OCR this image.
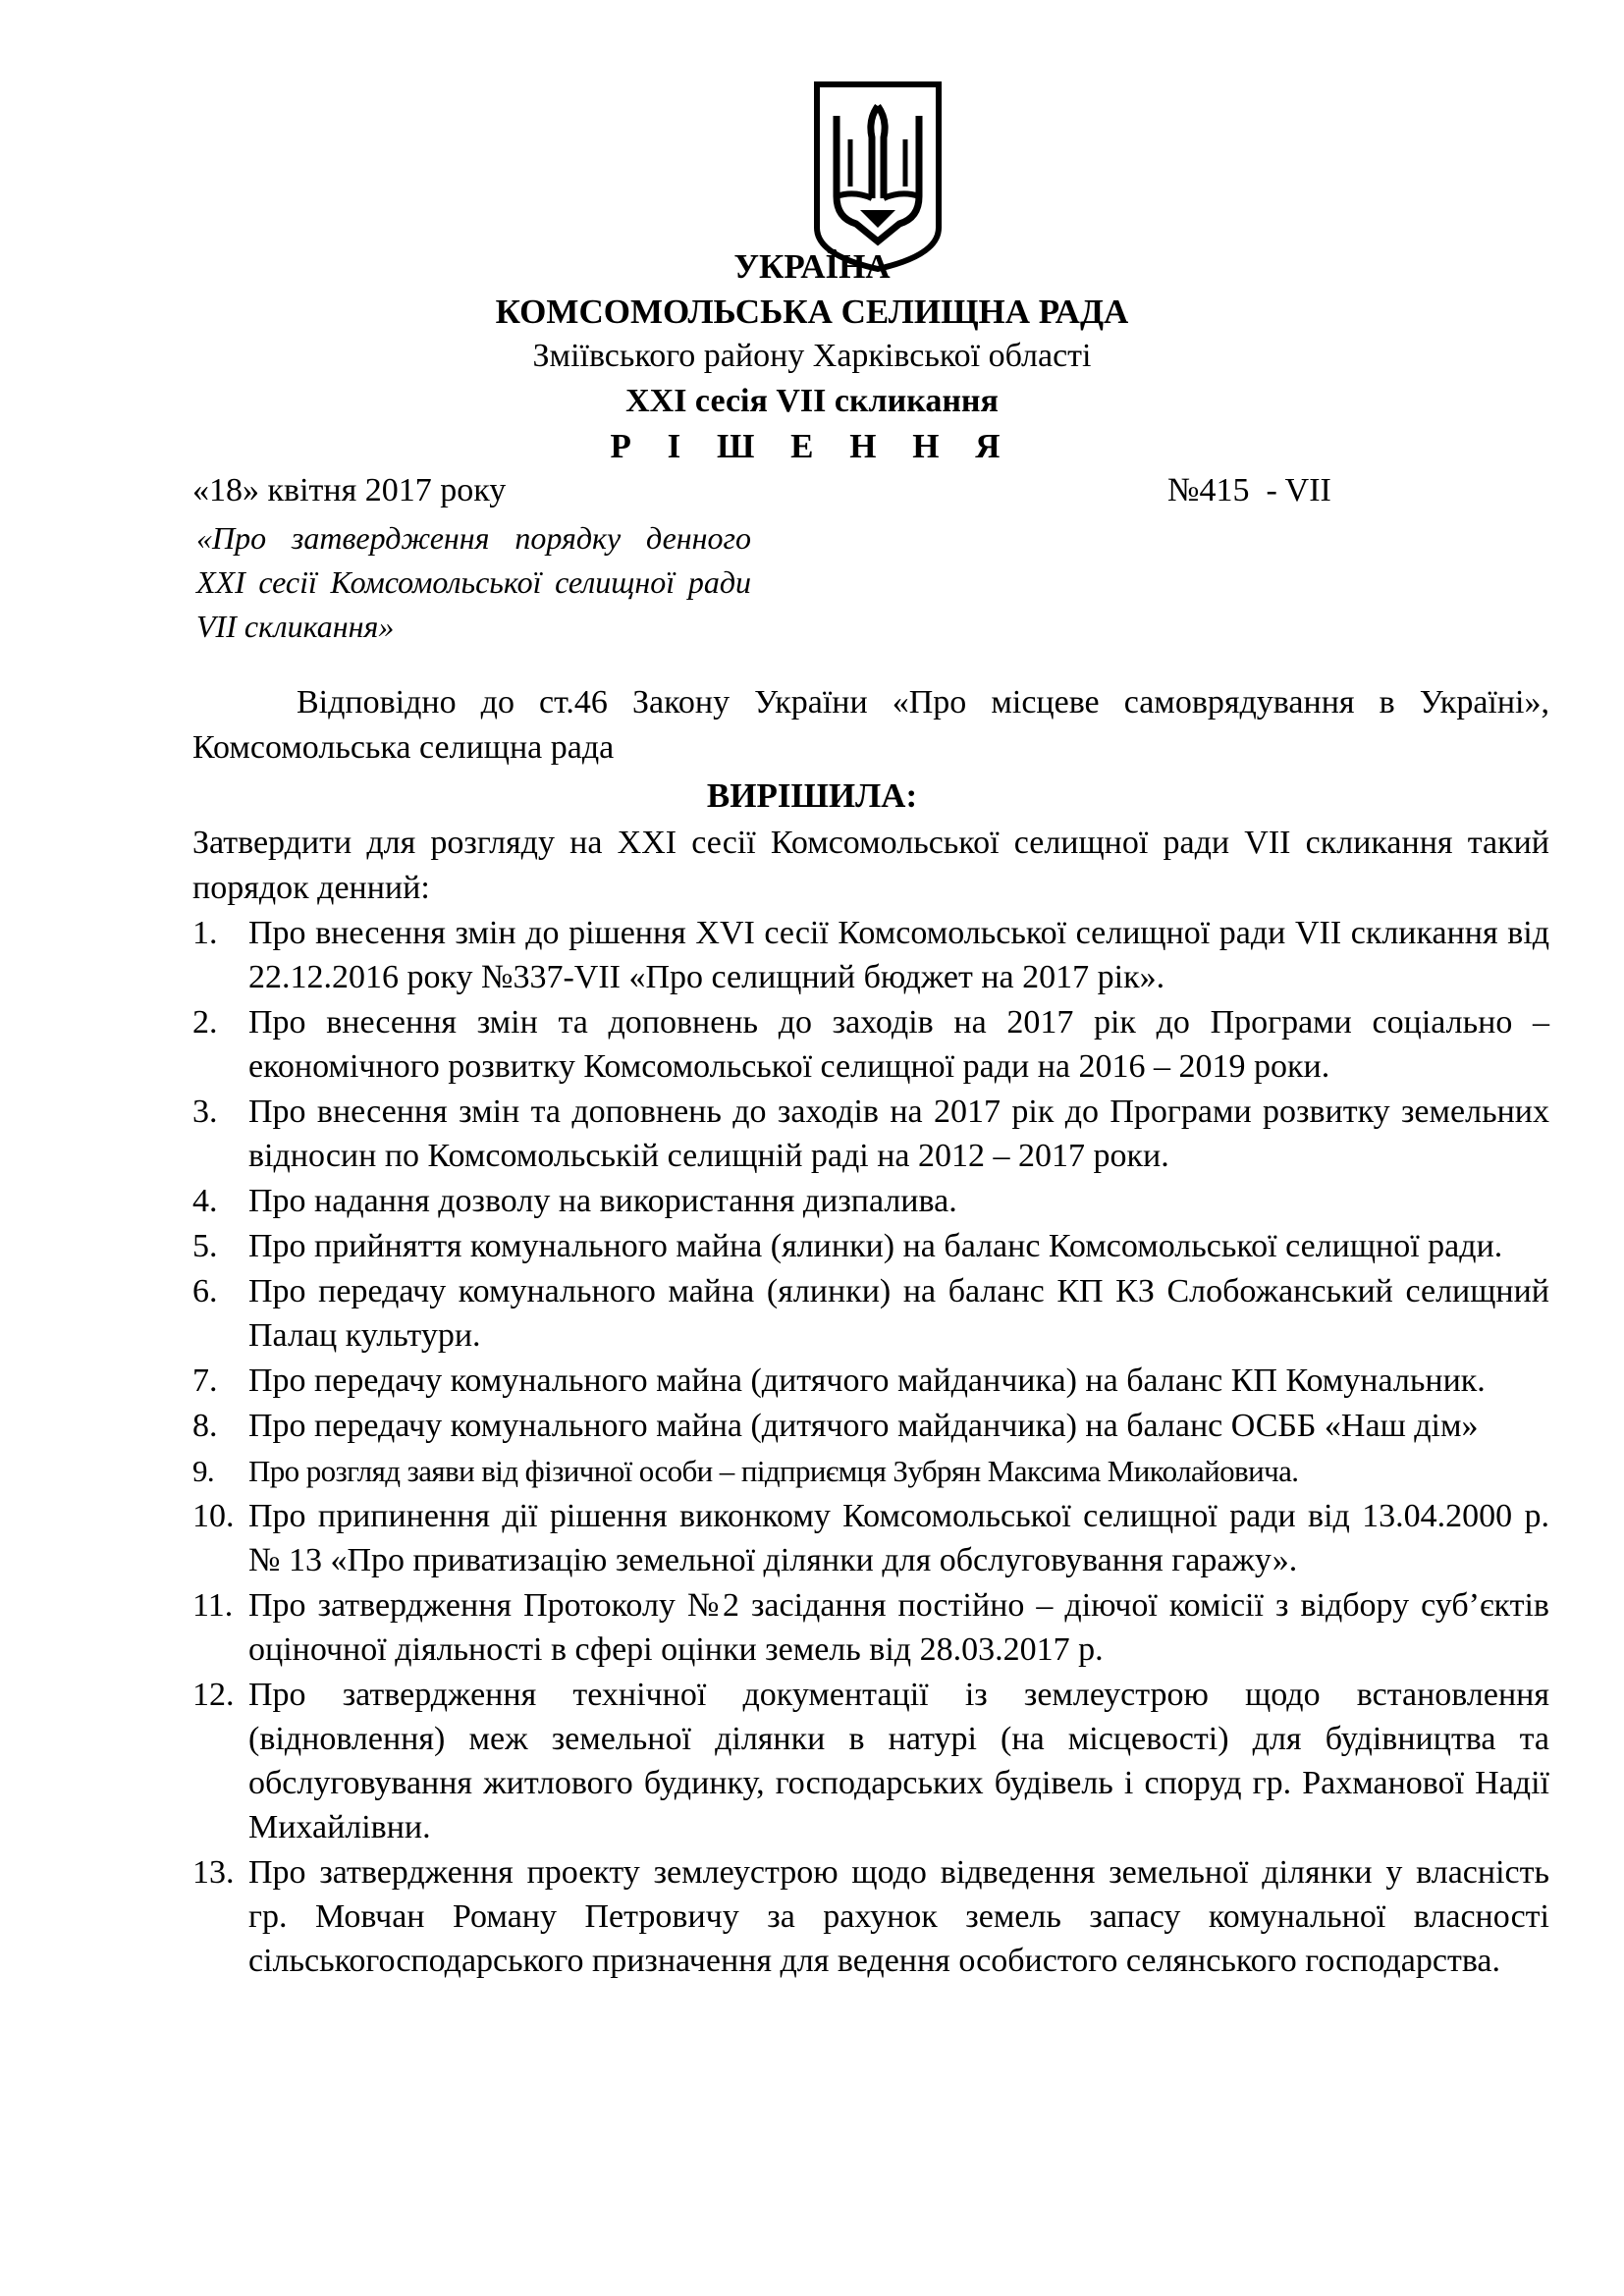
УКРАЇНА
КОМСОМОЛЬСЬКА СЕЛИЩНА РАДА
Зміївського району Харківської області
XXI сесія VII скликання
Р І Ш Е Н Н Я
«18» квітня 2017 року	№415  - VII
«Про затвердження порядку денного XXI сесії Комсомольської селищної ради VII скликання»
Відповідно до ст.46 Закону України «Про місцеве самоврядування в Україні», Комсомольська селищна рада
ВИРІШИЛА:
Затвердити для розгляду на XXI сесії Комсомольської селищної ради VII скликання такий порядок денний:
1. Про внесення змін до рішення XVI сесії Комсомольської селищної ради VII скликання від 22.12.2016 року №337-VII «Про селищний бюджет на 2017 рік».
2. Про внесення змін та доповнень до заходів на 2017 рік до Програми соціально – економічного розвитку Комсомольської селищної ради на 2016 – 2019 роки.
3. Про внесення змін та доповнень до заходів на 2017 рік до Програми розвитку земельних відносин по Комсомольській селищній раді на 2012 – 2017 роки.
4. Про надання дозволу на використання дизпалива.
5. Про прийняття комунального майна (ялинки) на баланс Комсомольської селищної ради.
6. Про передачу комунального майна (ялинки) на баланс КП КЗ Слобожанський селищний Палац культури.
7. Про передачу комунального майна (дитячого майданчика) на баланс КП Комунальник.
8. Про передачу комунального майна (дитячого майданчика) на баланс ОСББ «Наш дім»
9. Про розгляд заяви від фізичної особи – підприємця Зубрян Максима Миколайовича.
10. Про припинення дії рішення виконкому Комсомольської селищної ради від 13.04.2000 р. № 13 «Про приватизацію земельної ділянки для обслуговування гаражу».
11. Про затвердження Протоколу №2 засідання постійно – діючої комісії з відбору суб’єктів оціночної діяльності в сфері оцінки земель від 28.03.2017 р.
12. Про затвердження технічної документації із землеустрою щодо встановлення (відновлення) меж земельної ділянки в натурі (на місцевості) для будівництва та обслуговування житлового будинку, господарських будівель і споруд гр. Рахманової Надії Михайлівни.
13. Про затвердження проекту землеустрою щодо відведення земельної ділянки у власність гр. Мовчан Роману Петровичу за рахунок земель запасу комунальної власності сільськогосподарського призначення для ведення особистого селянського господарства.
